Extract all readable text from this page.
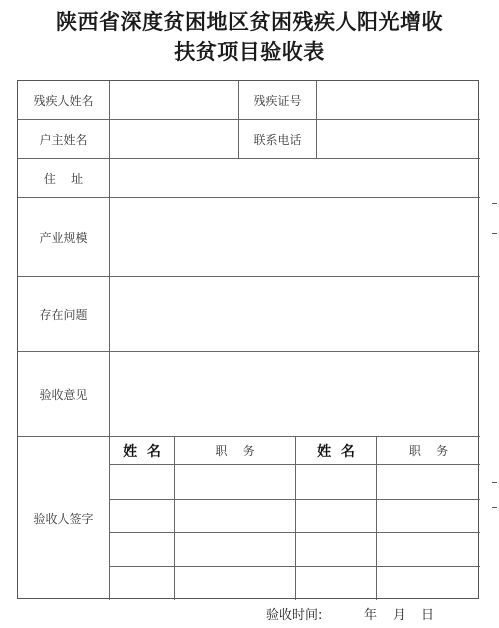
陕西省深度贫困地区贫困残疾人阳光增收
扶贫项目验收表
残疾人姓名	残疾证号
户主姓名	联系电话
住    址
产业规模
存在问题
验收意见
验收人签字
姓  名	职    务	姓  名	职    务
验收时间:	年 月 日
